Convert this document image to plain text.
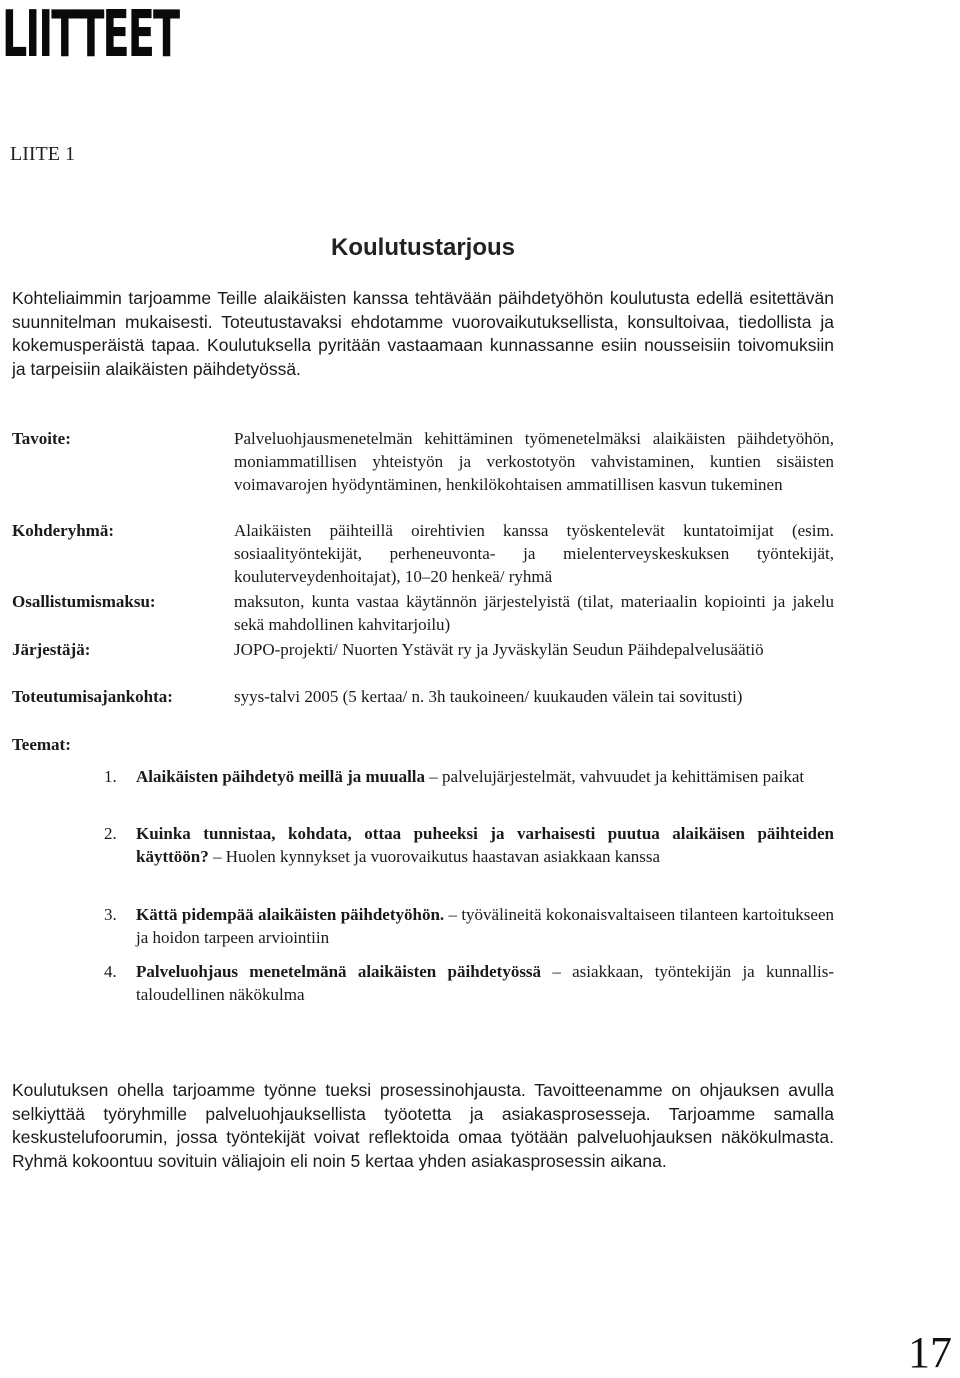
LIITTEET
LIITE 1
Koulutustarjous
Kohteliaimmin tarjoamme Teille alaikäisten kanssa tehtävään päihdetyöhön koulutusta edellä esitettävän suunnitelman mukaisesti. Toteutustavaksi ehdotamme vuorovaikutuksellista, konsultoivaa, tiedollista ja kokemusperäistä tapaa. Koulutuksella pyritään vastaamaan kunnassanne esiin nousseisiin toivomuksiin ja tarpeisiin alaikäisten päihdetyössä.
Tavoite:	Palveluohjausmenetelmän kehittäminen työmenetelmäksi alaikäisten päihdetyöhön, moniammatillisen yhteistyön ja verkostotyön vahvistaminen, kuntien sisäisten voimavarojen hyödyntäminen, henkilökohtaisen ammatillisen kasvun tukeminen
Kohderyhmä:	Alaikäisten päihteillä oirehtivien kanssa työskentelevät kuntatoimijat (esim. sosiaalityöntekijät, perheneuvonta- ja mielenterveyskeskuksen työntekijät, kouluterveydenhoitajat), 10–20 henkeä/ ryhmä
Osallistumismaksu:	maksuton, kunta vastaa käytännön järjestelyistä (tilat, materiaalin kopiointi ja jakelu sekä mahdollinen kahvitarjoilu)
Järjestäjä:	JOPO-projekti/ Nuorten Ystävät ry ja Jyväskylän Seudun Päihdepalvelusäätiö
Toteutumisajankohta:	syys-talvi 2005 (5 kertaa/ n. 3h taukoineen/ kuukauden välein tai sovitusti)
Teemat:
1.	Alaikäisten päihdetyö meillä ja muualla – palvelujärjestelmät, vahvuudet ja kehittämisen paikat
2.	Kuinka tunnistaa, kohdata, ottaa puheeksi ja varhaisesti puutua alaikäisen päihteiden käyttöön? – Huolen kynnykset ja vuorovaikutus haastavan asiakkaan kanssa
3.	Kättä pidempää alaikäisten päihdetyöhön. – työvälineitä kokonaisvaltaiseen tilanteen kartoitukseen ja hoidon tarpeen arviointiin
4.	Palveluohjaus menetelmänä alaikäisten päihdetyössä – asiakkaan, työntekijän ja kunnallis-taloudellinen näkökulma
Koulutuksen ohella tarjoamme työnne tueksi prosessinohjausta. Tavoitteenamme on ohjauksen avulla selkiyttää työryhmille palveluohjauksellista työotetta ja asiakasprosesseja. Tarjoamme samalla keskustelufoorumin, jossa työntekijät voivat reflektoida omaa työtään palveluohjauksen näkökulmasta. Ryhmä kokoontuu sovituin väliajoin eli noin 5 kertaa yhden asiakasprosessin aikana.
17
